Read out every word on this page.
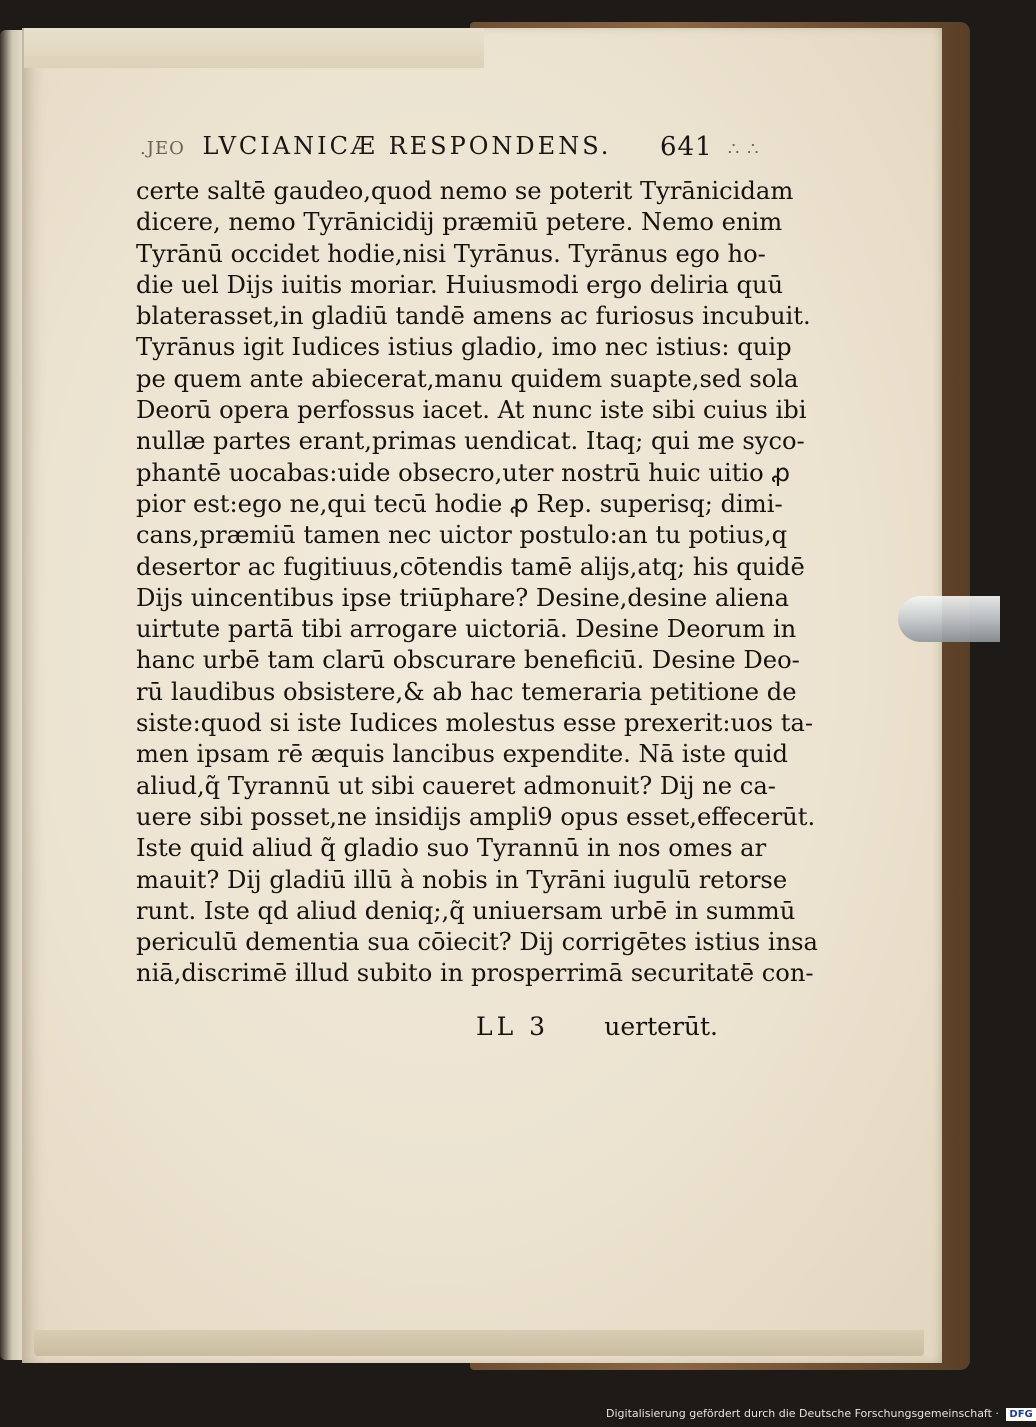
.JEO LVCIANICÆ RESPONDENS. 641 ∴ ∴
certe saltē gaudeo,quod nemo se poterit Tyrānicidam
dicere, nemo Tyrānicidij præmiū petere. Nemo enim
Tyrānū occidet hodie,nisi Tyrānus. Tyrānus ego ho-
die uel Dijs iuitis moriar. Huiusmodi ergo deliria quū
blaterasset,in gladiū tandē amens ac furiosus incubuit.
Tyrānus igit Iudices istius gladio, imo nec istius: quip
pe quem ante abiecerat,manu quidem suapte,sed sola
Deorū opera perfossus iacet. At nunc iste sibi cuius ibi
nullæ partes erant,primas uendicat. Itaq; qui me syco-
phantē uocabas:uide obsecro,uter nostrū huic uitio ꝓ
pior est:ego ne,qui tecū hodie ꝓ Rep. superisq; dimi-
cans,præmiū tamen nec uictor postulo:an tu potius,q
desertor ac fugitiuus,cōtendis tamē alijs,atq; his quidē
Dijs uincentibus ipse triūphare? Desine,desine aliena
uirtute partā tibi arrogare uictoriā. Desine Deorum in
hanc urbē tam clarū obscurare beneficiū. Desine Deo-
rū laudibus obsistere,& ab hac temeraria petitione de
siste:quod si iste Iudices molestus esse prexerit:uos ta-
men ipsam rē æquis lancibus expendite. Nā iste quid
aliud,q̃ Tyrannū ut sibi caueret admonuit? Dij ne ca-
uere sibi posset,ne insidijs ampli9 opus esset,effecerūt.
Iste quid aliud q̃ gladio suo Tyrannū in nos omes ar
mauit? Dij gladiū illū à nobis in Tyrāni iugulū retorse
runt. Iste qd aliud deniq;,q̃ uniuersam urbē in summū
periculū dementia sua cōiecit? Dij corrigētes istius insa
niā,discrimē illud subito in prosperrimā securitatē con-
LL 3 uerterūt.
Digitalisierung gefördert durch die Deutsche Forschungsgemeinschaft · DFG
